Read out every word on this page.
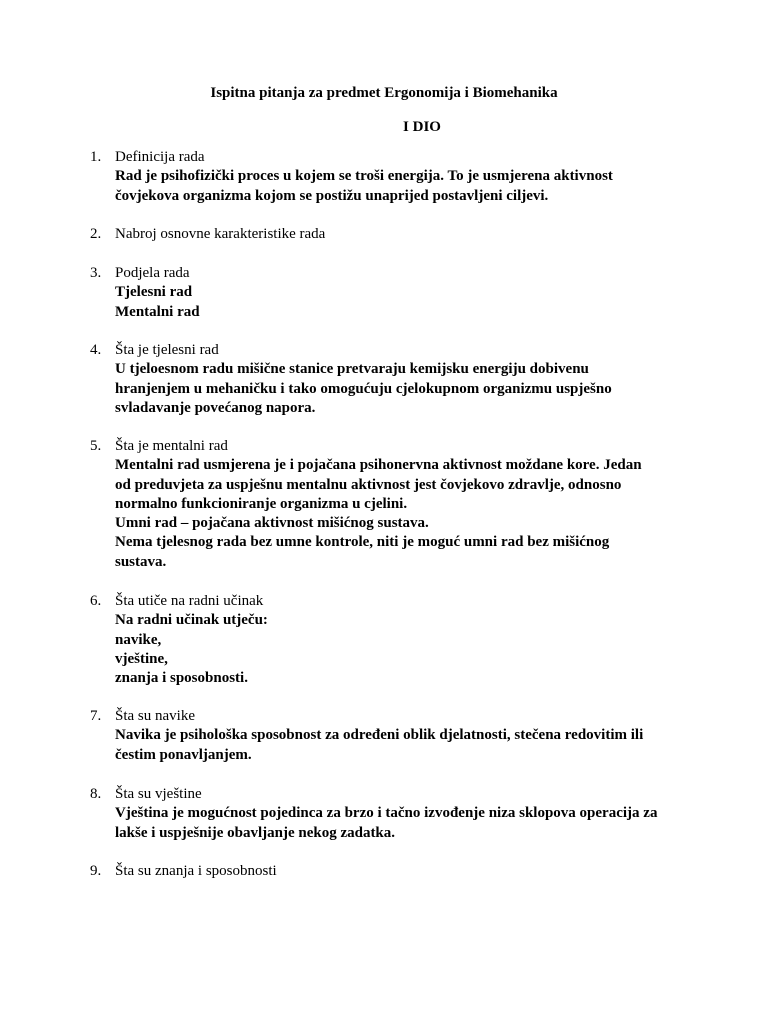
Ispitna pitanja za predmet Ergonomija i Biomehanika
I DIO
1. Definicija rada
Rad je psihofizički proces u kojem se troši energija. To je usmjerena aktivnost
čovjekova organizma kojom se postižu unaprijed postavljeni ciljevi.
2. Nabroj osnovne karakteristike rada
3. Podjela rada
Tjelesni rad
Mentalni rad
4. Šta je tjelesni rad
U tjeloesnom radu mišične stanice pretvaraju kemijsku energiju dobivenu
hranjenjem u mehaničku i tako omogućuju cjelokupnom organizmu uspješno
svladavanje povećanog napora.
5. Šta je mentalni rad
Mentalni rad usmjerena je i pojačana psihonervna aktivnost moždane kore. Jedan
od preduvjeta za uspješnu mentalnu aktivnost jest čovjekovo zdravlje, odnosno
normalno funkcioniranje organizma u cjelini.
Umni rad – pojačana aktivnost mišićnog sustava.
Nema tjelesnog rada bez umne kontrole, niti je moguć umni rad bez mišićnog
sustava.
6. Šta utiče na radni učinak
Na radni učinak utječu:
navike,
vještine,
znanja i sposobnosti.
7. Šta su navike
Navika je psihološka sposobnost za određeni oblik djelatnosti, stečena redovitim ili
čestim ponavljanjem.
8. Šta su vještine
Vještina je mogućnost pojedinca za brzo i tačno izvođenje niza sklopova operacija za
lakše i uspješnije obavljanje nekog zadatka.
9. Šta su znanja i sposobnosti
